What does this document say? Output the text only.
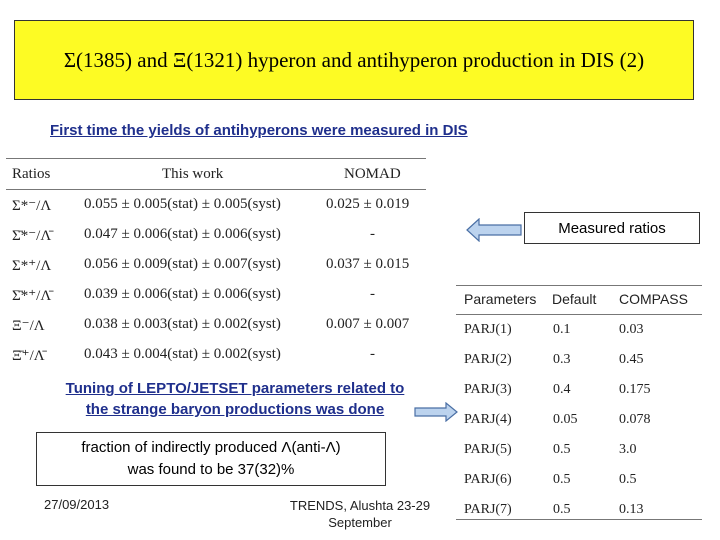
Σ(1385) and Ξ(1321) hyperon and antihyperon production in DIS (2)
First time the yields of antihyperons were measured in DIS
Ratios	This work	NOMAD
Σ*⁻/Λ 0.055 ± 0.005(stat) ± 0.005(syst)	0.025 ± 0.019
Σ̄*⁻/Λ̄ 0.047 ± 0.006(stat) ± 0.006(syst)	-
Σ*⁺/Λ 0.056 ± 0.009(stat) ± 0.007(syst)	0.037 ± 0.015
Σ̄*⁺/Λ̄ 0.039 ± 0.006(stat) ± 0.006(syst)	-
Ξ⁻/Λ	0.038 ± 0.003(stat) ± 0.002(syst)	0.007 ± 0.007
Ξ̄⁺/Λ̄	0.043 ± 0.004(stat) ± 0.002(syst)	-
Measured ratios
Parameters Default COMPASS
PARJ(1)	0.1	0.03
PARJ(2)	0.3	0.45
PARJ(3)	0.4	0.175
PARJ(4)	0.05	0.078
PARJ(5)	0.5	3.0
PARJ(6)	0.5	0.5
PARJ(7)	0.5	0.13
Tuning of LEPTO/JETSET parameters related to
the strange baryon productions was done
fraction of indirectly produced Λ(anti-Λ)
was found to be 37(32)%
27/09/2013	TRENDS, Alushta 23-29
September
